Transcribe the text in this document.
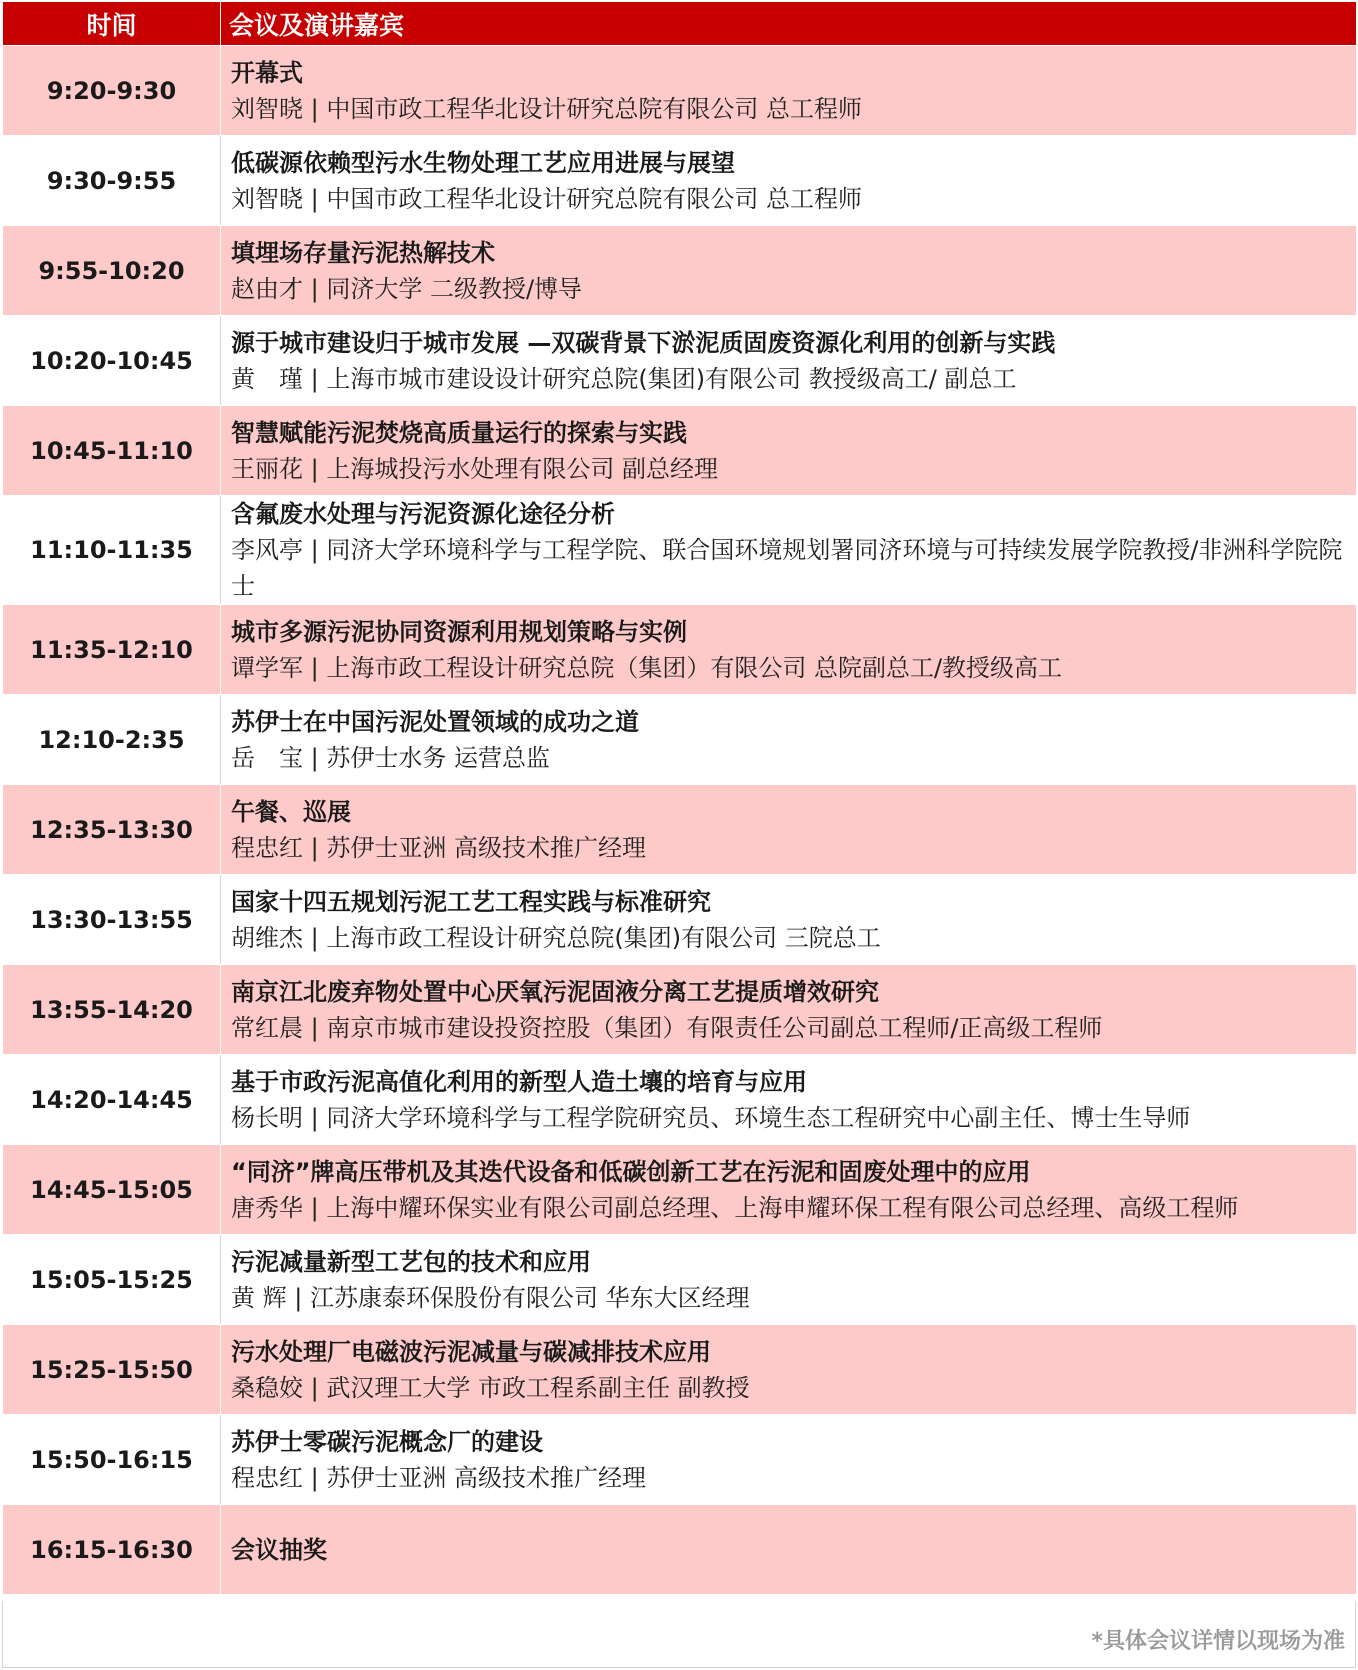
时间	会议及演讲嘉宾
9:20-9:30	开幕式
刘智晓 | 中国市政工程华北设计研究总院有限公司 总工程师

9:30-9:55	低碳源依赖型污水生物处理工艺应用进展与展望
刘智晓 | 中国市政工程华北设计研究总院有限公司 总工程师

9:55-10:20	填埋场存量污泥热解技术
赵由才 | 同济大学 二级教授/博导

10:20-10:45	源于城市建设归于城市发展 —双碳背景下淤泥质固废资源化利用的创新与实践
黄　瑾 | 上海市城市建设设计研究总院(集团)有限公司 教授级高工/ 副总工

10:45-11:10	智慧赋能污泥焚烧高质量运行的探索与实践
王丽花 | 上海城投污水处理有限公司 副总经理

11:10-11:35	含氟废水处理与污泥资源化途径分析
李风亭 | 同济大学环境科学与工程学院、联合国环境规划署同济环境与可持续发展学院教授/非洲科学院院士

11:35-12:10	城市多源污泥协同资源利用规划策略与实例
谭学军 | 上海市政工程设计研究总院（集团）有限公司 总院副总工/教授级高工

12:10-2:35	苏伊士在中国污泥处置领域的成功之道
岳　宝 | 苏伊士水务 运营总监

12:35-13:30	午餐、巡展
程忠红 | 苏伊士亚洲 高级技术推广经理

13:30-13:55	国家十四五规划污泥工艺工程实践与标准研究
胡维杰 | 上海市政工程设计研究总院(集团)有限公司 三院总工

13:55-14:20	南京江北废弃物处置中心厌氧污泥固液分离工艺提质增效研究
常红晨 | 南京市城市建设投资控股（集团）有限责任公司副总工程师/正高级工程师

14:20-14:45	基于市政污泥高值化利用的新型人造土壤的培育与应用
杨长明 | 同济大学环境科学与工程学院研究员、环境生态工程研究中心副主任、博士生导师

14:45-15:05	“同济”牌高压带机及其迭代设备和低碳创新工艺在污泥和固废处理中的应用
唐秀华 | 上海中耀环保实业有限公司副总经理、上海申耀环保工程有限公司总经理、高级工程师

15:05-15:25	污泥减量新型工艺包的技术和应用
黄 辉 | 江苏康泰环保股份有限公司 华东大区经理

15:25-15:50	污水处理厂电磁波污泥减量与碳减排技术应用
桑稳姣 | 武汉理工大学 市政工程系副主任 副教授

15:50-16:15	苏伊士零碳污泥概念厂的建设
程忠红 | 苏伊士亚洲 高级技术推广经理

16:15-16:30	会议抽奖
*具体会议详情以现场为准
